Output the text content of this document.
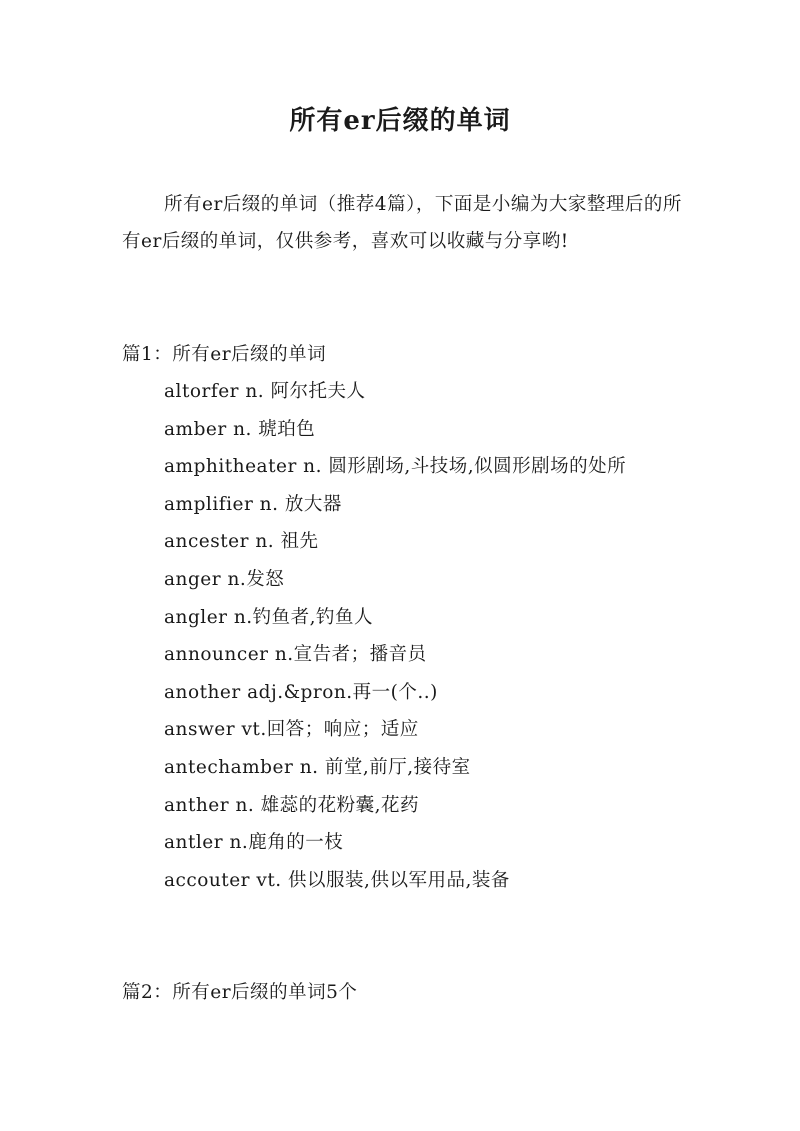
所有er后缀的单词

所有er后缀的单词（推荐4篇），下面是小编为大家整理后的所有er后缀的单词，仅供参考，喜欢可以收藏与分享哟!

篇1：所有er后缀的单词

altorfer n. 阿尔托夫人
amber n. 琥珀色
amphitheater n. 圆形剧场,斗技场,似圆形剧场的处所
amplifier n. 放大器
ancester n. 祖先
anger n.发怒
angler n.钓鱼者,钓鱼人
announcer n.宣告者；播音员
another adj.&pron.再一(个..)
answer vt.回答；响应；适应
antechamber n. 前堂,前厅,接待室
anther n. 雄蕊的花粉囊,花药
antler n.鹿角的一枝
accouter vt. 供以服装,供以军用品,装备

篇2：所有er后缀的单词5个
